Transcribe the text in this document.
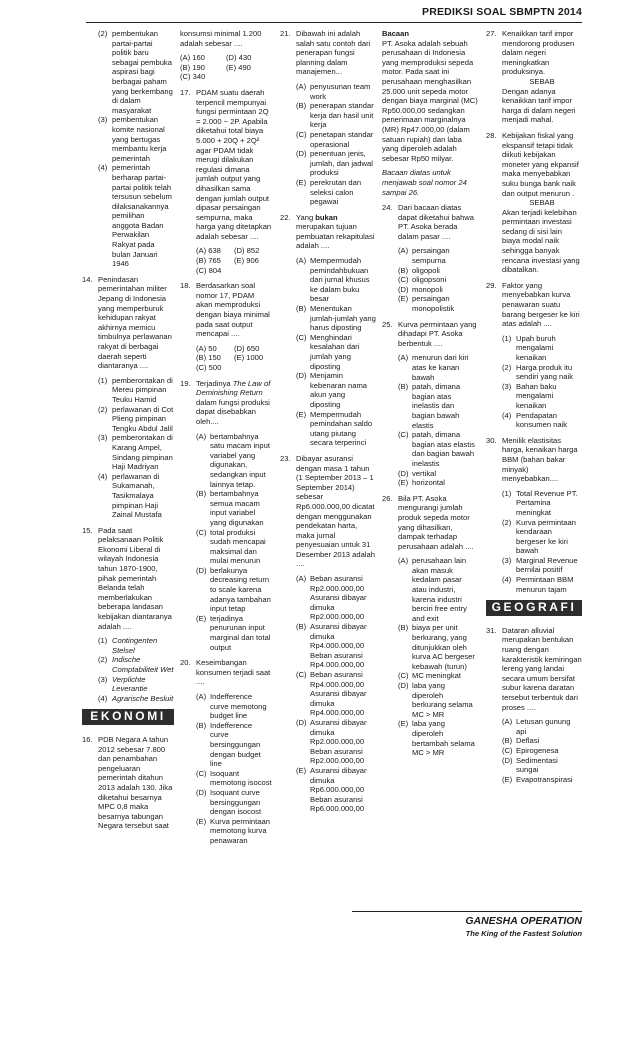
PREDIKSI SOAL SBMPTN 2014
(2) pembentukan partai-partai politik baru sebagai pembuka aspirasi bagi berbagai paham yang berkembang di dalam masyarakat
(3) pembentukan komite nasional yang bertugas membantu kerja pemerintah
(4) pemerintah berharap partai-partai politik telah tersusun sebelum dilaksanakannya pemilihan anggota Badan Perwakilan Rakyat pada bulan Januari 1946
14. Penindasan pemerintahan militer Jepang di Indonesia yang memperburuk kehidupan rakyat akhirnya memicu timbulnya perlawanan rakyat di berbagai daerah seperti diantaranya ....
(1) pemberontakan di Mereu pimpinan Teuku Hamid
(2) perlawanan di Cot Plieng pimpinan Tengku Abdul Jalil
(3) pemberontakan di Karang Ampel, Sindang pimpinan Haji Madriyan
(4) perlawanan di Sukamanah, Tasikmalaya pimpinan Haji Zainal Mustafa
15. Pada saat pelaksanaan Politik Ekonomi Liberal di wilayah Indonesia tahun 1870-1900, pihak pemerintah Belanda telah memberlakukan beberapa landasan kebijakan diantaranya adalah ....
(1) Contingenten Stelsel
(2) Indische Comptabiliteit Wet
(3) Verplichte Leverantie
(4) Agrarische Besluit
EKONOMI
16. PDB Negara A tahun 2012 sebesar 7.800 dan penambahan pengeluaran pemerintah ditahun 2013 adalah 130. Jika diketahui besarnya MPC 0,8 maka besarnya tabungan Negara tersebut saat
konsumsi minimal 1.200 adalah sebesar ....
(A) 160	(D) 430
(B) 190	(E) 490
(C) 340
17. PDAM suatu daerah terpencil mempunyai fungsi permintaan 2Q = 2.000 − 2P. Apabila diketahui total biaya 5.000 + 20Q + 2Q² agar PDAM tidak merugi dilakukan regulasi dimana jumlah output yang dihasilkan sama dengan jumlah output dipasar persaingan sempurna, maka harga yang ditetapkan adalah sebesar ....
(A) 638	(D) 852
(B) 765	(E) 906
(C) 804
18. Berdasarkan soal nomor 17, PDAM akan memproduksi dengan biaya minimal pada saat output mencapai ....
(A) 50	(D) 650
(B) 150	(E) 1000
(C) 500
19. Terjadinya The Law of Deminishing Return dalam fungsi produksi dapat disebabkan oleh....
(A) bertambahnya satu macam input variabel yang digunakan, sedangkan input lainnya tetap.
(B) bertambahnya semua macam input variabel yang digunakan
(C) total produksi sudah mencapai maksimal dan mulai menurun
(D) berlakunya decreasing return to scale karena adanya tambahan input tetap
(E) terjadinya penurunan input marginal dan total output
20. Keseimbangan konsumen terjadi saat ....
(A) Indefference curve memotong budget line
(B) Indefference curve bersinggungan dengan budget line
(C) Isoquant memotong isocost
(D) Isoquant curve bersinggungan dengan isocost
(E) Kurva permintaan memotong kurva penawaran
21. Dibawah ini adalah salah satu contoh dari penerapan fungsi planning dalam manajemen...
(A) penyusunan team work
(B) penerapan standar kerja dan hasil unit kerja
(C) penetapan standar operasional
(D) penentuan jenis, jumlah, dan jadwal produksi
(E) perekrutan dan seleksi calon pegawai
22. Yang bukan merupakan tujuan pembuatan rekapitulasi adalah ....
(A) Mempermudah pemindahbukuan dari jurnal khusus ke dalam buku besar
(B) Menentukan jumlah-jumlah yang harus diposting
(C) Menghindari kesalahan dari jumlah yang diposting
(D) Menjamin kebenaran nama akun yang diposting
(E) Mempermudah pemindahan saldo utang piutang secara terperinci
23. Dibayar asuransi dengan masa 1 tahun (1 September 2013 – 1 September 2014) sebesar Rp6.000.000,00 dicatat dengan menggunakan pendekatan harta, maka jurnal penyesuaian untuk 31 Desember 2013 adalah ....
(A) Beban asuransi Rp2.000.000,00 Asuransi dibayar dimuka Rp2.000.000,00
(B) Asuransi dibayar dimuka Rp4.000.000,00 Beban asuransi Rp4.000.000,00
(C) Beban asuransi Rp4.000.000,00 Asuransi dibayar dimuka Rp4.000.000,00
(D) Asuransi dibayar dimuka Rp2.000.000,00 Beban asuransi Rp2.000.000,00
(E) Asuransi dibayar dimuka Rp6.000.000,00 Beban asuransi Rp6.000.000,00
Bacaan
PT. Asoka adalah sebuah perusahaan di Indonesia yang memproduksi sepeda motor. Pada saat ini perusahaan menghasilkan 25.000 unit sepeda motor dengan biaya marginal (MC) Rp50.000,00 sedangkan penerimaan marginalnya (MR) Rp47.000,00 (dalam satuan rupiah) dan laba yang diperoleh adalah sebesar Rp50 milyar.
Bacaan diatas untuk menjawab soal nomor 24 sampai 26.
24. Dari bacaan diatas dapat diketahui bahwa PT. Asoka berada dalam pasar ....
(A) persaingan sempurna
(B) oligopoli
(C) oligopsoni
(D) monopoli
(E) persaingan monopolistik
25. Kurva permintaan yang dihadapi PT. Asoka berbentuk ....
(A) menurun dari kiri atas ke kanan bawah
(B) patah, dimana bagian atas inelastis dan bagian bawah elastis
(C) patah, dimana bagian atas elastis dan bagian bawah inelastis
(D) vertikal
(E) horizontal
26. Bila PT. Asoka mengurangi jumlah produk sepeda motor yang dihasilkan, dampak terhadap perusahaan adalah ....
(A) perusahaan lain akan masuk kedalam pasar atau industri, karena industri berciri free entry and exit
(B) biaya per unit berkurang, yang ditunjukkan oleh kurva AC bergeser kebawah (turun)
(C) MC meningkat
(D) laba yang diperoleh berkurang selama MC > MR
(E) laba yang diperoleh bertambah selama MC > MR
27. Kenaikkan tarif impor mendorong produsen dalam negeri meningkatkan produksinya.
SEBAB
Dengan adanya kenaikkan tarif impor harga di dalam negeri menjadi mahal.
28. Kebijakan fiskal yang ekspansif tetapi tidak diikuti kebijakan moneter yang ekpansif maka menyebabkan suku bunga bank naik dan output menurun .
SEBAB
Akan terjadi kelebihan permintaan investasi sedang di sisi lain biaya modal naik sehingga banyak rencana investasi yang dibatalkan.
29. Faktor yang menyebabkan kurva penawaran suatu barang bergeser ke kiri atas adalah ....
(1) Upah buruh mengalami kenaikan
(2) Harga produk itu sendiri yang naik
(3) Bahan baku mengalami kenaikan
(4) Pendapatan konsumen naik
30. Menilik elastisitas harga, kenaikan harga BBM (bahan bakar minyak) menyebabkan....
(1) Total Revenue PT. Pertamina meningkat
(2) Kurva permintaan kendaraan bergeser ke kiri bawah
(3) Marginal Revenue bernilai positif
(4) Permintaan BBM menurun tajam
GEOGRAFI
31. Dataran alluvial merupakan bentukan ruang dengan karakteristik kemiringan lereng yang landai secara umum bersifat subur karena daratan tersebut terbentuk dari proses ....
(A) Letusan gunung api
(B) Deflasi
(C) Epirogenesa
(D) Sedimentasi sungai
(E) Evapotranspirasi
GANESHA OPERATION
The King of the Fastest Solution
